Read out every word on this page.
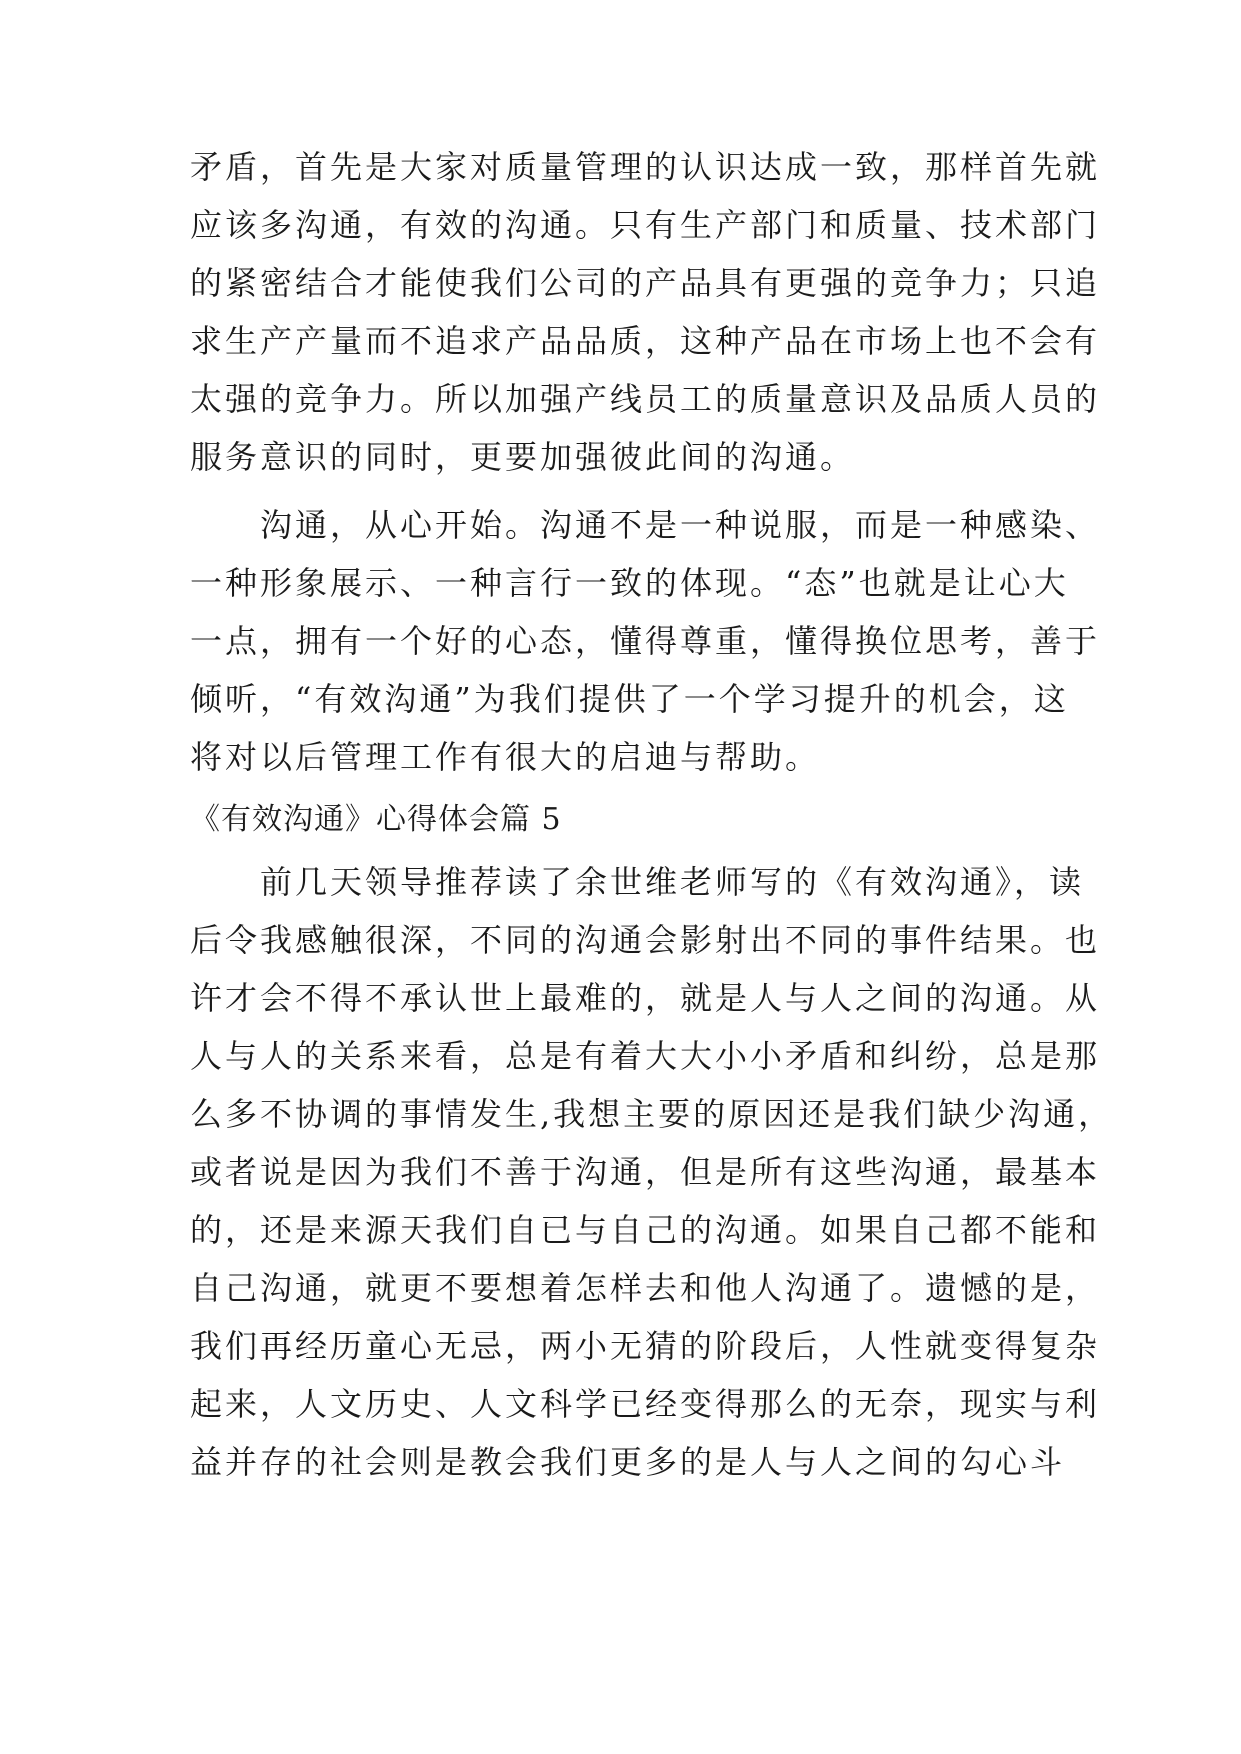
矛盾，首先是大家对质量管理的认识达成一致，那样首先就

应该多沟通，有效的沟通。只有生产部门和质量、技术部门

的紧密结合才能使我们公司的产品具有更强的竞争力；只追

求生产产量而不追求产品品质，这种产品在市场上也不会有

太强的竞争力。所以加强产线员工的质量意识及品质人员的

服务意识的同时，更要加强彼此间的沟通。

　　沟通，从心开始。沟通不是一种说服，而是一种感染、

一种形象展示、一种言行一致的体现。“态”也就是让心大

一点，拥有一个好的心态，懂得尊重，懂得换位思考，善于

倾听，“有效沟通”为我们提供了一个学习提升的机会，这

将对以后管理工作有很大的启迪与帮助。

《有效沟通》心得体会篇 5

　　前几天领导推荐读了余世维老师写的《有效沟通》，读

后令我感触很深，不同的沟通会影射出不同的事件结果。也

许才会不得不承认世上最难的，就是人与人之间的沟通。从

人与人的关系来看，总是有着大大小小矛盾和纠纷，总是那

么多不协调的事情发生,我想主要的原因还是我们缺少沟通，

或者说是因为我们不善于沟通，但是所有这些沟通，最基本

的，还是来源天我们自已与自己的沟通。如果自己都不能和

自己沟通，就更不要想着怎样去和他人沟通了。遗憾的是，

我们再经历童心无忌，两小无猜的阶段后，人性就变得复杂

起来，人文历史、人文科学已经变得那么的无奈，现实与利

益并存的社会则是教会我们更多的是人与人之间的勾心斗
